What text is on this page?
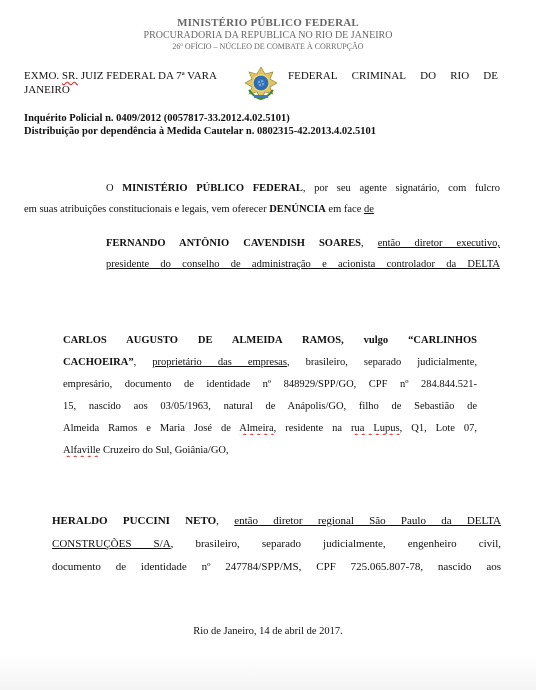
MINISTÉRIO PÚBLICO FEDERAL
PROCURADORIA DA REPUBLICA NO RIO DE JANEIRO
26º OFÍCIO – NÚCLEO DE COMBATE À CORRUPÇÃO
EXMO. SR. JUIZ FEDERAL DA 7ª VARA	FEDERAL CRIMINAL DO RIO DE
JANEIRO
Inquérito Policial n. 0409/2012 (0057817-33.2012.4.02.5101)
Distribuição por dependência à Medida Cautelar n. 0802315-42.2013.4.02.5101
O MINISTÉRIO PÚBLICO FEDERAL, por seu agente signatário, com fulcro
em suas atribuições constitucionais e legais, vem oferecer DENÚNCIA em face de
FERNANDO ANTÔNIO CAVENDISH SOARES, então diretor executivo,
presidente do conselho de administração e acionista controlador da DELTA
CARLOS AUGUSTO DE ALMEIDA RAMOS, vulgo “CARLINHOS
CACHOEIRA”, proprietário das empresas, brasileiro, separado judicialmente,
empresário, documento de identidade nº 848929/SPP/GO, CPF nº 284.844.521-
15, nascido aos 03/05/1963, natural de Anápolis/GO, filho de Sebastião de
Almeida Ramos e Maria José de Almeira, residente na rua Lupus, Q1, Lote 07,
Alfaville Cruzeiro do Sul, Goiânia/GO,
HERALDO PUCCINI NETO, então diretor regional São Paulo da DELTA
CONSTRUÇÕES S/A, brasileiro, separado judicialmente, engenheiro civil,
documento de identidade nº 247784/SPP/MS, CPF 725.065.807-78, nascido aos
Rio de Janeiro, 14 de abril de 2017.
